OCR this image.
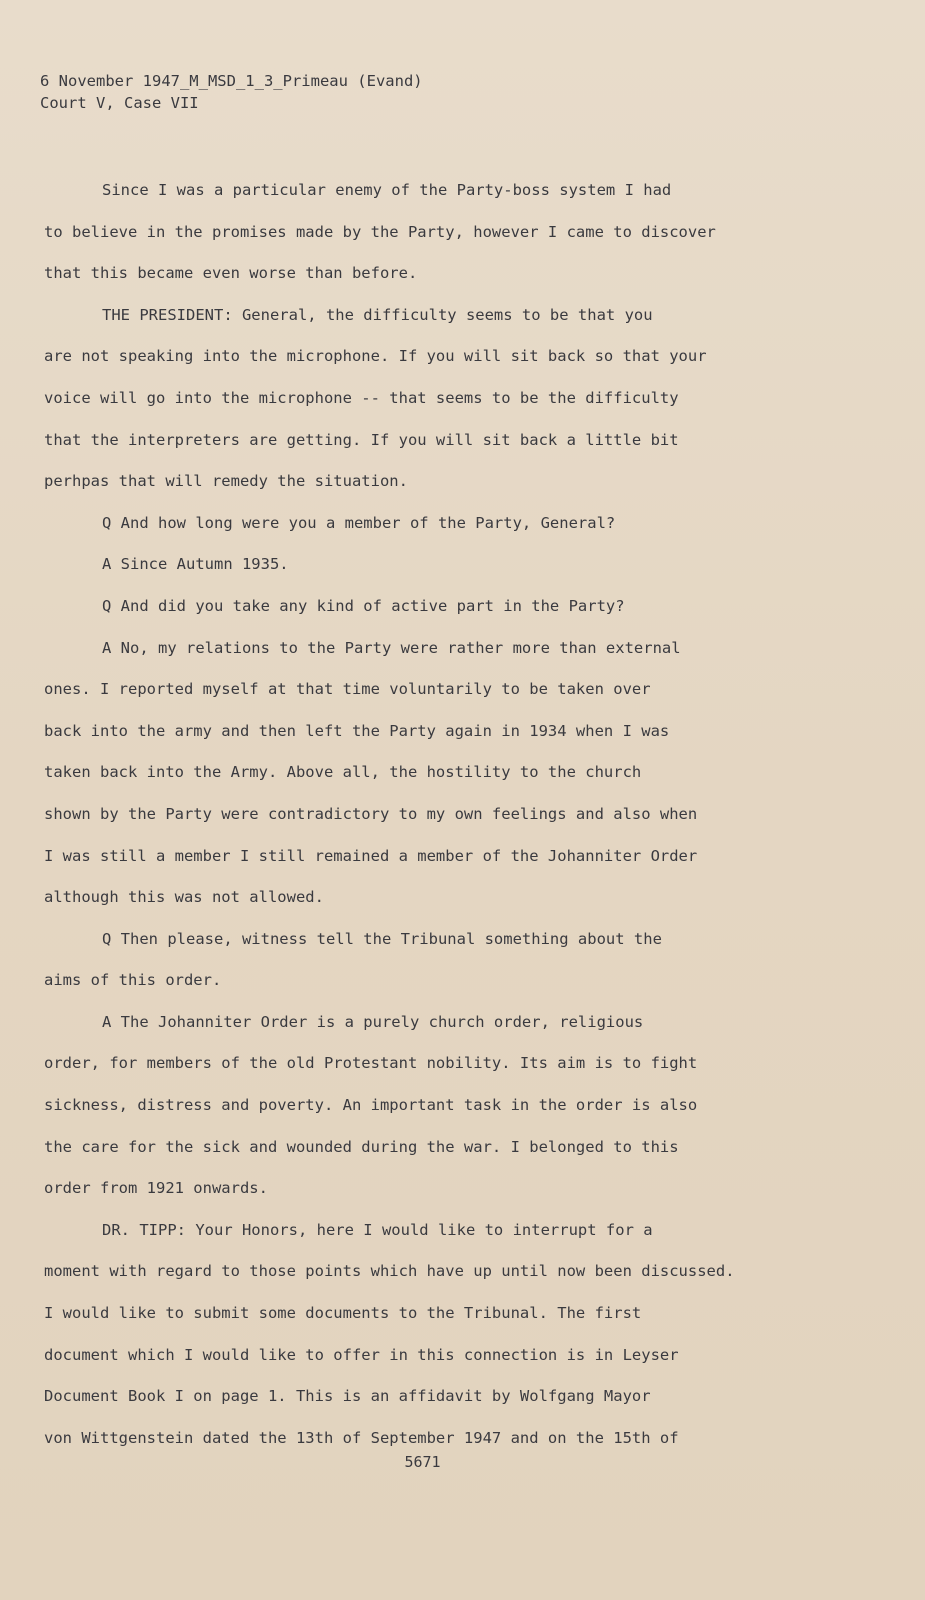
6 November 1947_M_MSD_1_3_Primeau (Evand)
Court V, Case VII
Since I was a particular enemy of the Party-boss system I had
to believe in the promises made by the Party, however I came to discover
that this became even worse than before.
THE PRESIDENT: General, the difficulty seems to be that you
are not speaking into the microphone. If you will sit back so that your
voice will go into the microphone -- that seems to be the difficulty
that the interpreters are getting. If you will sit back a little bit
perhpas that will remedy the situation.
Q And how long were you a member of the Party, General?
A Since Autumn 1935.
Q And did you take any kind of active part in the Party?
A No, my relations to the Party were rather more than external
ones. I reported myself at that time voluntarily to be taken over
back into the army and then left the Party again in 1934 when I was
taken back into the Army. Above all, the hostility to the church
shown by the Party were contradictory to my own feelings and also when
I was still a member I still remained a member of the Johanniter Order
although this was not allowed.
Q Then please, witness tell the Tribunal something about the
aims of this order.
A The Johanniter Order is a purely church order, religious
order, for members of the old Protestant nobility. Its aim is to fight
sickness, distress and poverty. An important task in the order is also
the care for the sick and wounded during the war. I belonged to this
order from 1921 onwards.
DR. TIPP: Your Honors, here I would like to interrupt for a
moment with regard to those points which have up until now been discussed.
I would like to submit some documents to the Tribunal. The first
document which I would like to offer in this connection is in Leyser
Document Book I on page 1. This is an affidavit by Wolfgang Mayor
von Wittgenstein dated the 13th of September 1947 and on the 15th of
5671
